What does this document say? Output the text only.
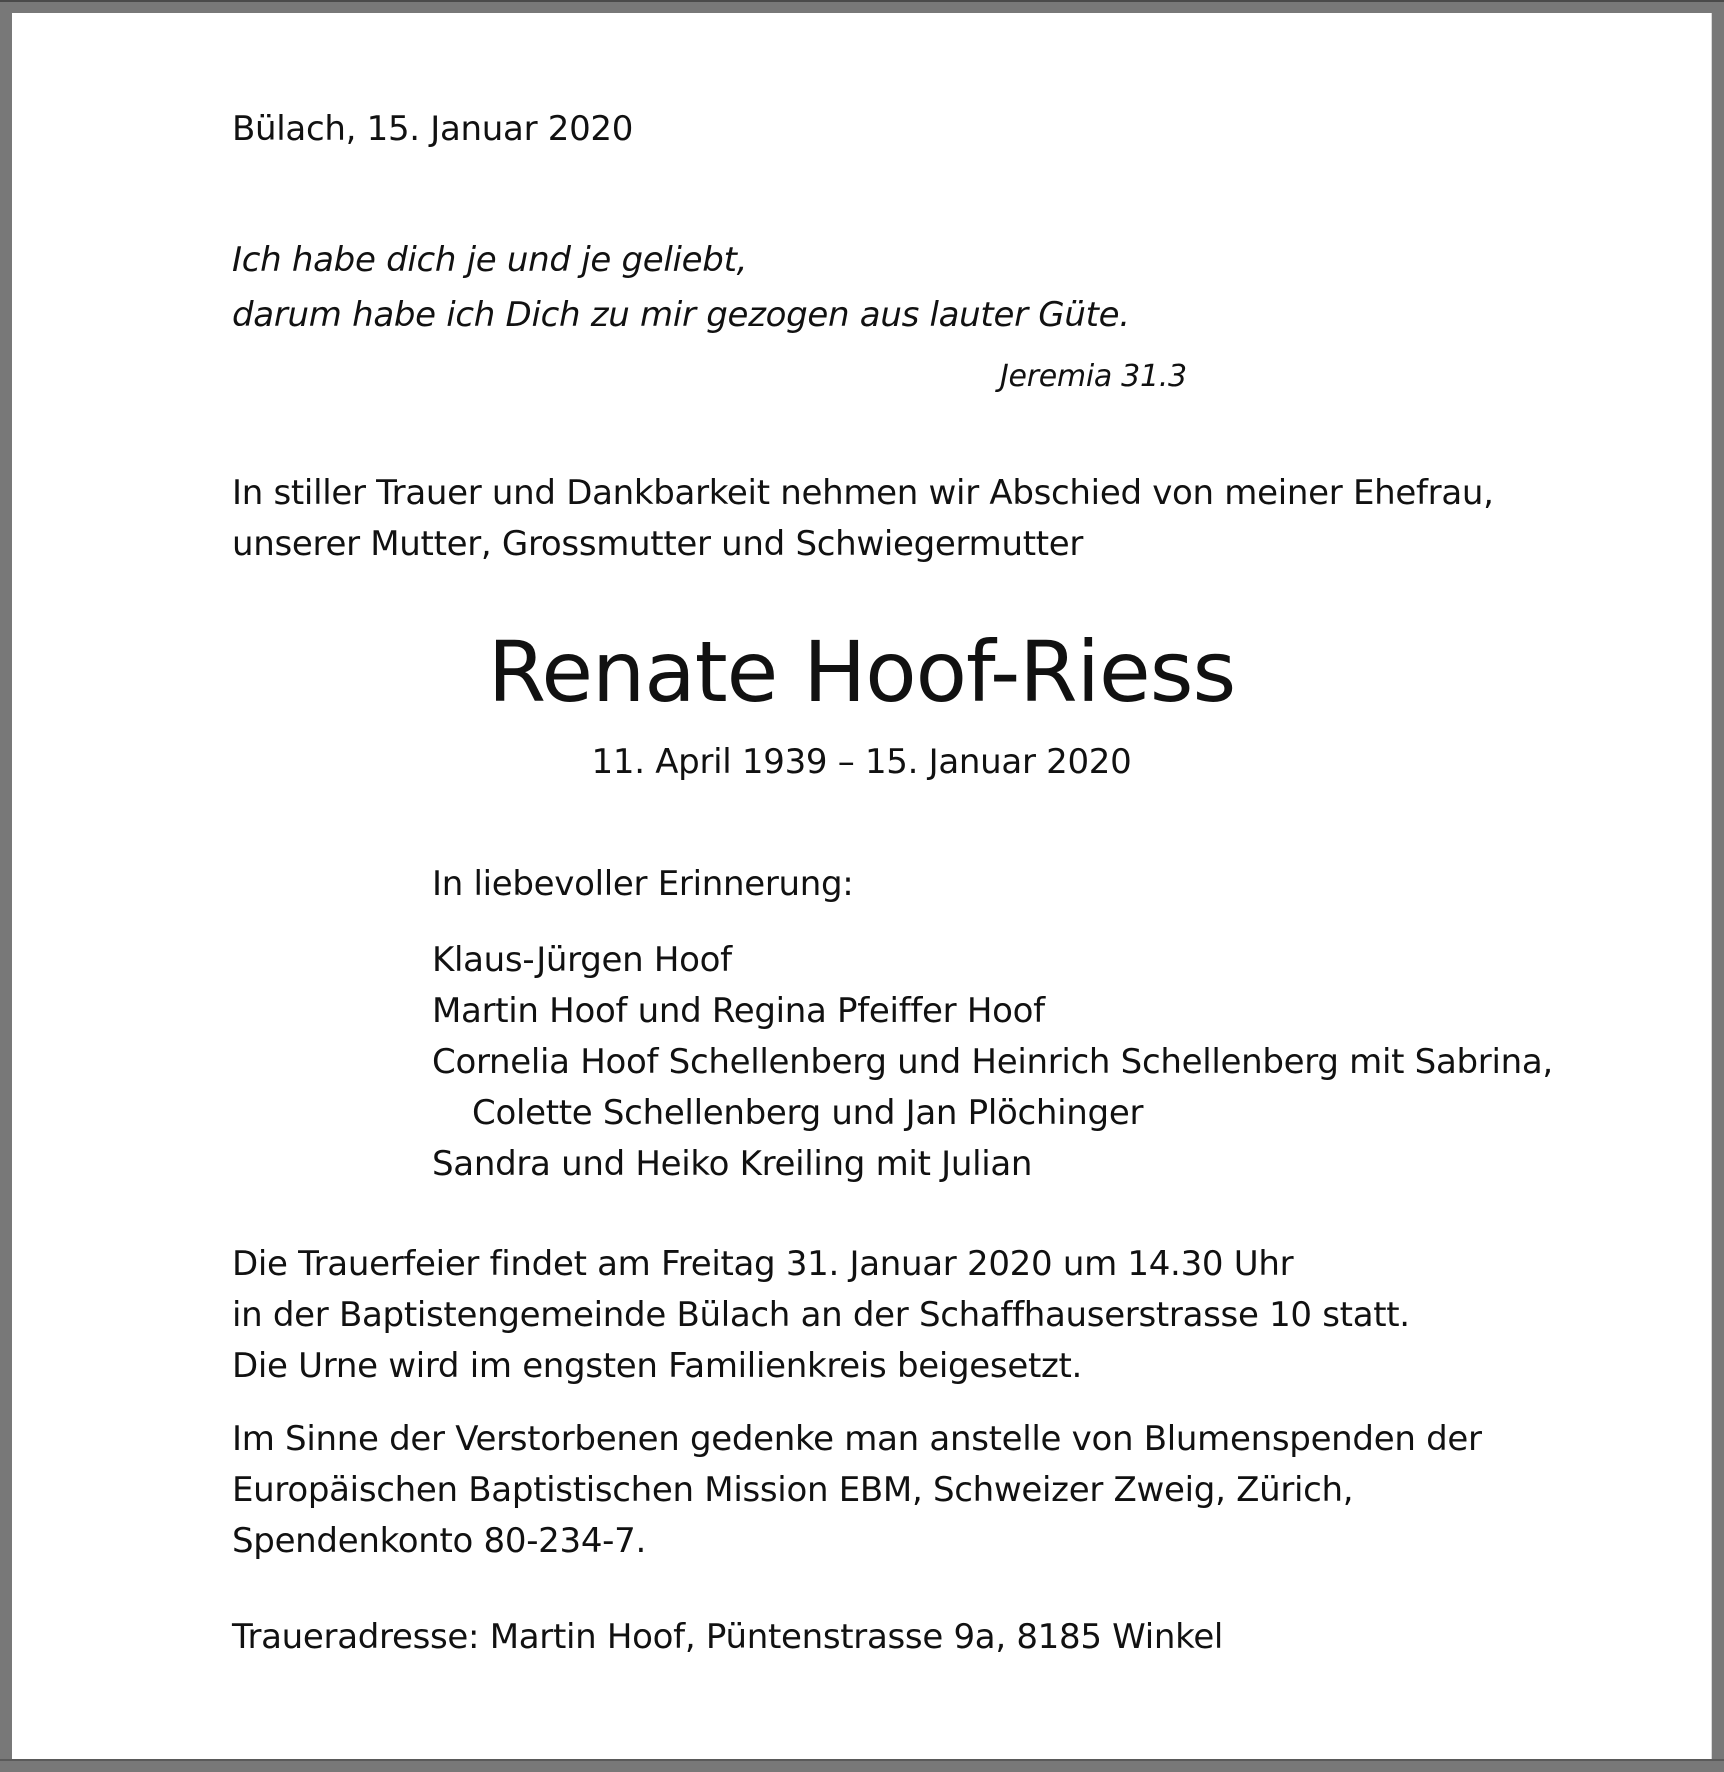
Bülach, 15. Januar 2020
Ich habe dich je und je geliebt,
darum habe ich Dich zu mir gezogen aus lauter Güte.
Jeremia 31.3
In stiller Trauer und Dankbarkeit nehmen wir Abschied von meiner Ehefrau,
unserer Mutter, Grossmutter und Schwiegermutter
Renate Hoof-Riess
11. April 1939 – 15. Januar 2020
In liebevoller Erinnerung:
Klaus-Jürgen Hoof
Martin Hoof und Regina Pfeiffer Hoof
Cornelia Hoof Schellenberg und Heinrich Schellenberg mit Sabrina,
Colette Schellenberg und Jan Plöchinger
Sandra und Heiko Kreiling mit Julian
Die Trauerfeier findet am Freitag 31. Januar 2020 um 14.30 Uhr
in der Baptistengemeinde Bülach an der Schaffhauserstrasse 10 statt.
Die Urne wird im engsten Familienkreis beigesetzt.
Im Sinne der Verstorbenen gedenke man anstelle von Blumenspenden der
Europäischen Baptistischen Mission EBM, Schweizer Zweig, Zürich,
Spendenkonto 80-234-7.
Traueradresse: Martin Hoof, Püntenstrasse 9a, 8185 Winkel
